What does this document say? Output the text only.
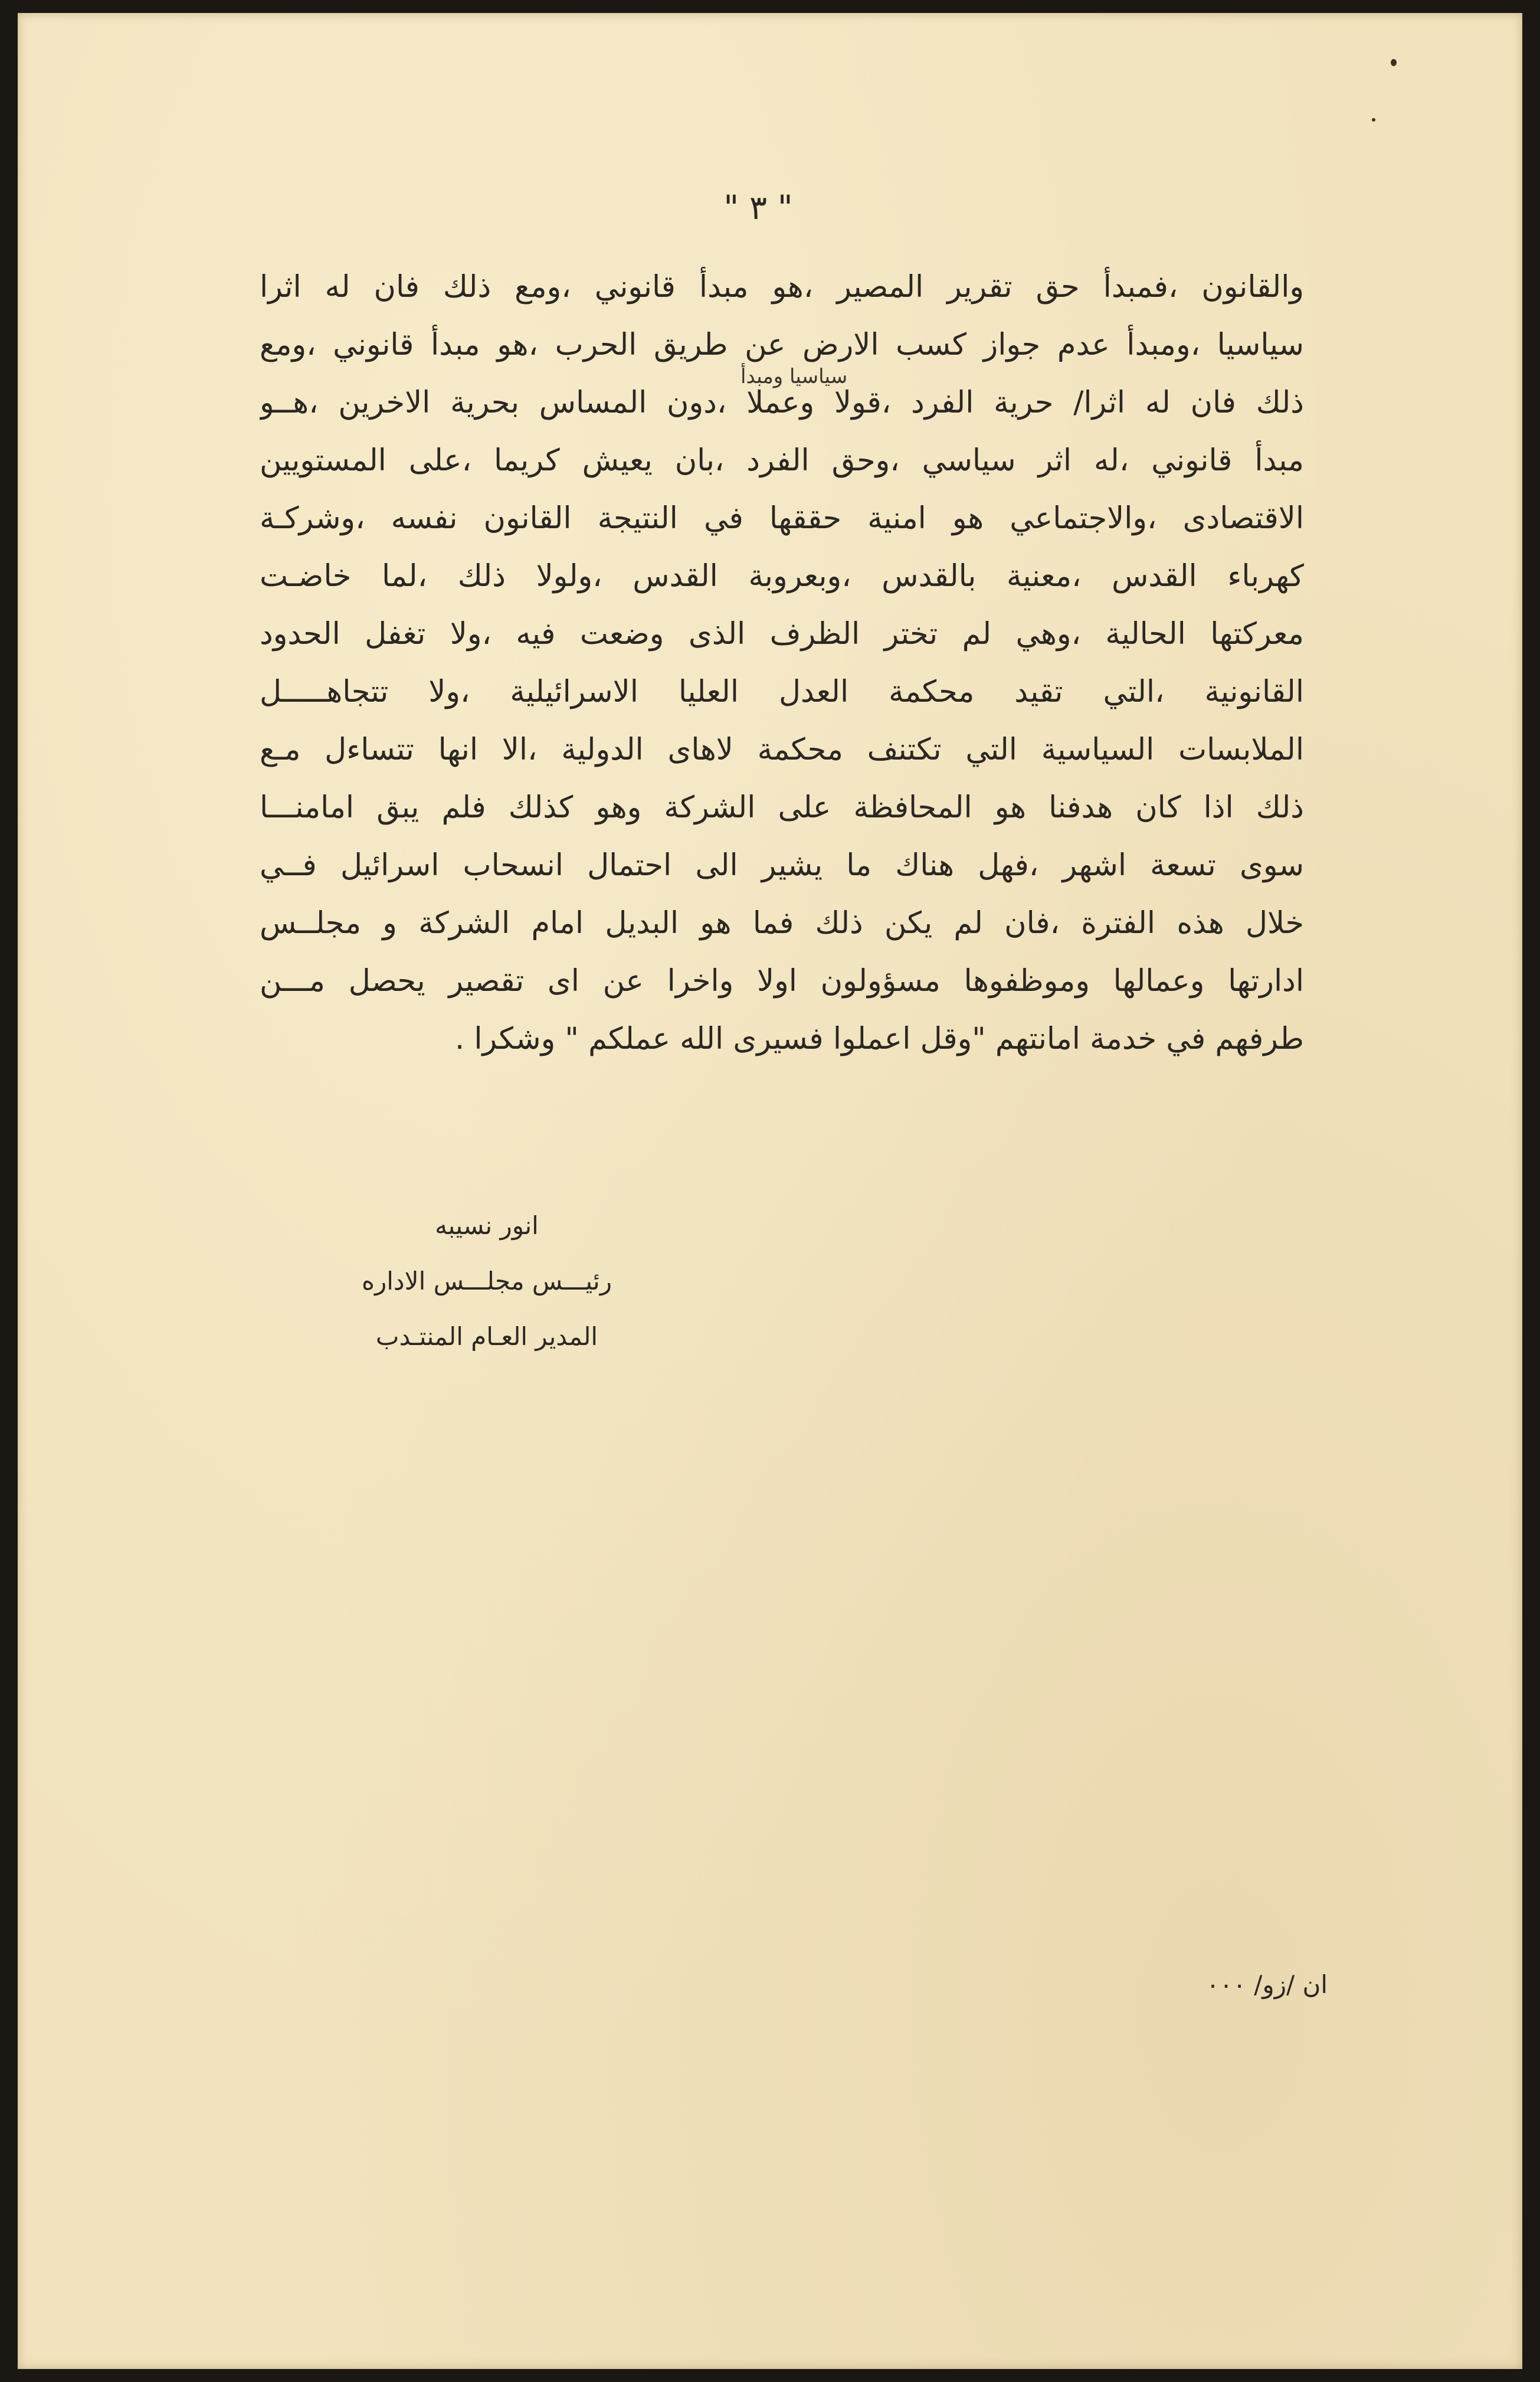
" ٣ "
والقانون ،فمبدأ حق تقرير المصير ،هو مبدأ قانوني ،ومع ذلك فان له اثرا
سياسيا ،ومبدأ عدم جواز كسب الارض عن طريق الحرب ،هو مبدأ قانوني ،ومع
ذلك فان له اثرا/ حرية الفرد ،قولا وعملا ،دون المساس بحرية الاخرين ،هــو
مبدأ قانوني ،له اثر سياسي ،وحق الفرد ،بان يعيش كريما ،على المستويين
الاقتصادى ،والاجتماعي هو امنية حققها في النتيجة القانون نفسه ،وشركـة
كهرباء القدس ،معنية بالقدس ،وبعروبة القدس ،ولولا ذلك ،لما خاضـت
معركتها الحالية ،وهي لم تختر الظرف الذى وضعت فيه ،ولا تغفل الحدود
القانونية ،التي تقيد محكمة العدل العليا الاسرائيلية ،ولا تتجاهـــــل
الملابسات السياسية التي تكتنف محكمة لاهاى الدولية ،الا انها تتساءل مـع
ذلك اذا كان هدفنا هو المحافظة على الشركة وهو كذلك فلم يبق امامنـــا
سوى تسعة اشهر ،فهل هناك ما يشير الى احتمال انسحاب اسرائيل فــي
خلال هذه الفترة ،فان لم يكن ذلك فما هو البديل امام الشركة و مجلــس
ادارتها وعمالها وموظفوها مسؤولون اولا واخرا عن اى تقصير يحصل مـــن
طرفهم في خدمة امانتهم "وقل اعملوا فسيرى الله عملكم " وشكرا .
سياسيا ومبدأ
انور نسيبه
رئيـــس مجلـــس الاداره
المدير العـام المنتـدب
ان /زو/ ٠٠٠
